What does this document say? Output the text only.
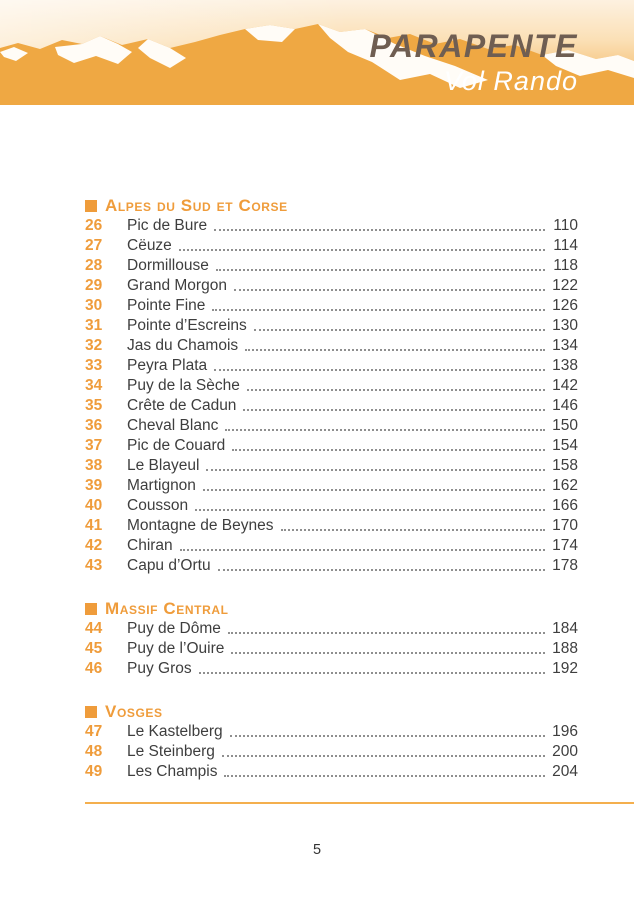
PARAPENTE
Vol Rando
Alpes du Sud et Corse
26	Pic de Bure	110
27	Cëuze	114
28	Dormillouse	118
29	Grand Morgon	122
30	Pointe Fine	126
31	Pointe d’Escreins	130
32	Jas du Chamois	134
33	Peyra Plata	138
34	Puy de la Sèche	142
35	Crête de Cadun	146
36	Cheval Blanc	150
37	Pic de Couard	154
38	Le Blayeul	158
39	Martignon	162
40	Cousson	166
41	Montagne de Beynes	170
42	Chiran	174
43	Capu d’Ortu	178
Massif Central
44	Puy de Dôme	184
45	Puy de l’Ouire	188
46	Puy Gros	192
Vosges
47	Le Kastelberg	196
48	Le Steinberg	200
49	Les Champis	204
5
